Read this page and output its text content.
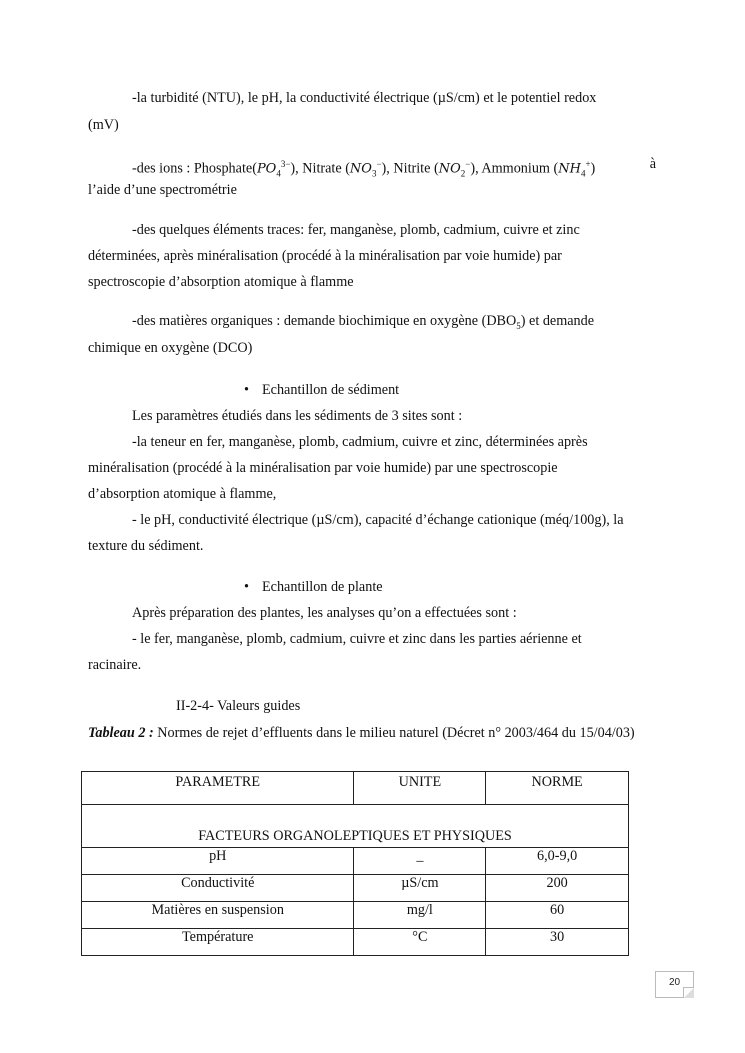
-la turbidité (NTU), le pH, la conductivité électrique (µS/cm) et le potentiel redox
(mV)
-des ions : $Phosphate(PO_4^{3-})$, Nitrate $(NO_3^-)$, Nitrite $(NO_2^-)$, Ammonium $(NH_4^+)$	à
l’aide d’une spectrométrie
-des quelques éléments traces: fer, manganèse, plomb, cadmium, cuivre et zinc
déterminées, après minéralisation (procédé à la minéralisation par voie humide) par
spectroscopie d’absorption atomique à flamme
-des matières organiques : demande biochimique en oxygène $(DBO_5)$ et demande
chimique en oxygène (DCO)
• Echantillon de sédiment
Les paramètres étudiés dans les sédiments de 3 sites sont :
-la teneur en fer, manganèse, plomb, cadmium, cuivre et zinc, déterminées après
minéralisation (procédé à la minéralisation par voie humide) par une spectroscopie
d’absorption atomique à flamme,
- le pH, conductivité électrique (µS/cm), capacité d’échange cationique (méq/100g), la
texture du sédiment.
• Echantillon de plante
Après préparation des plantes, les analyses qu’on a effectuées sont :
- le fer, manganèse, plomb, cadmium, cuivre et zinc dans les parties aérienne et
racinaire.
II-2-4- Valeurs guides
Tableau 2 : Normes de rejet d’effluents dans le milieu naturel (Décret n° 2003/464 du 15/04/03)
PARAMETRE	UNITE	NORME
FACTEURS ORGANOLEPTIQUES ET PHYSIQUES		
pH	_	6,0-9,0
Conductivité	µS/cm	200
Matières en suspension	mg/l	60
Température	°C	30
20
